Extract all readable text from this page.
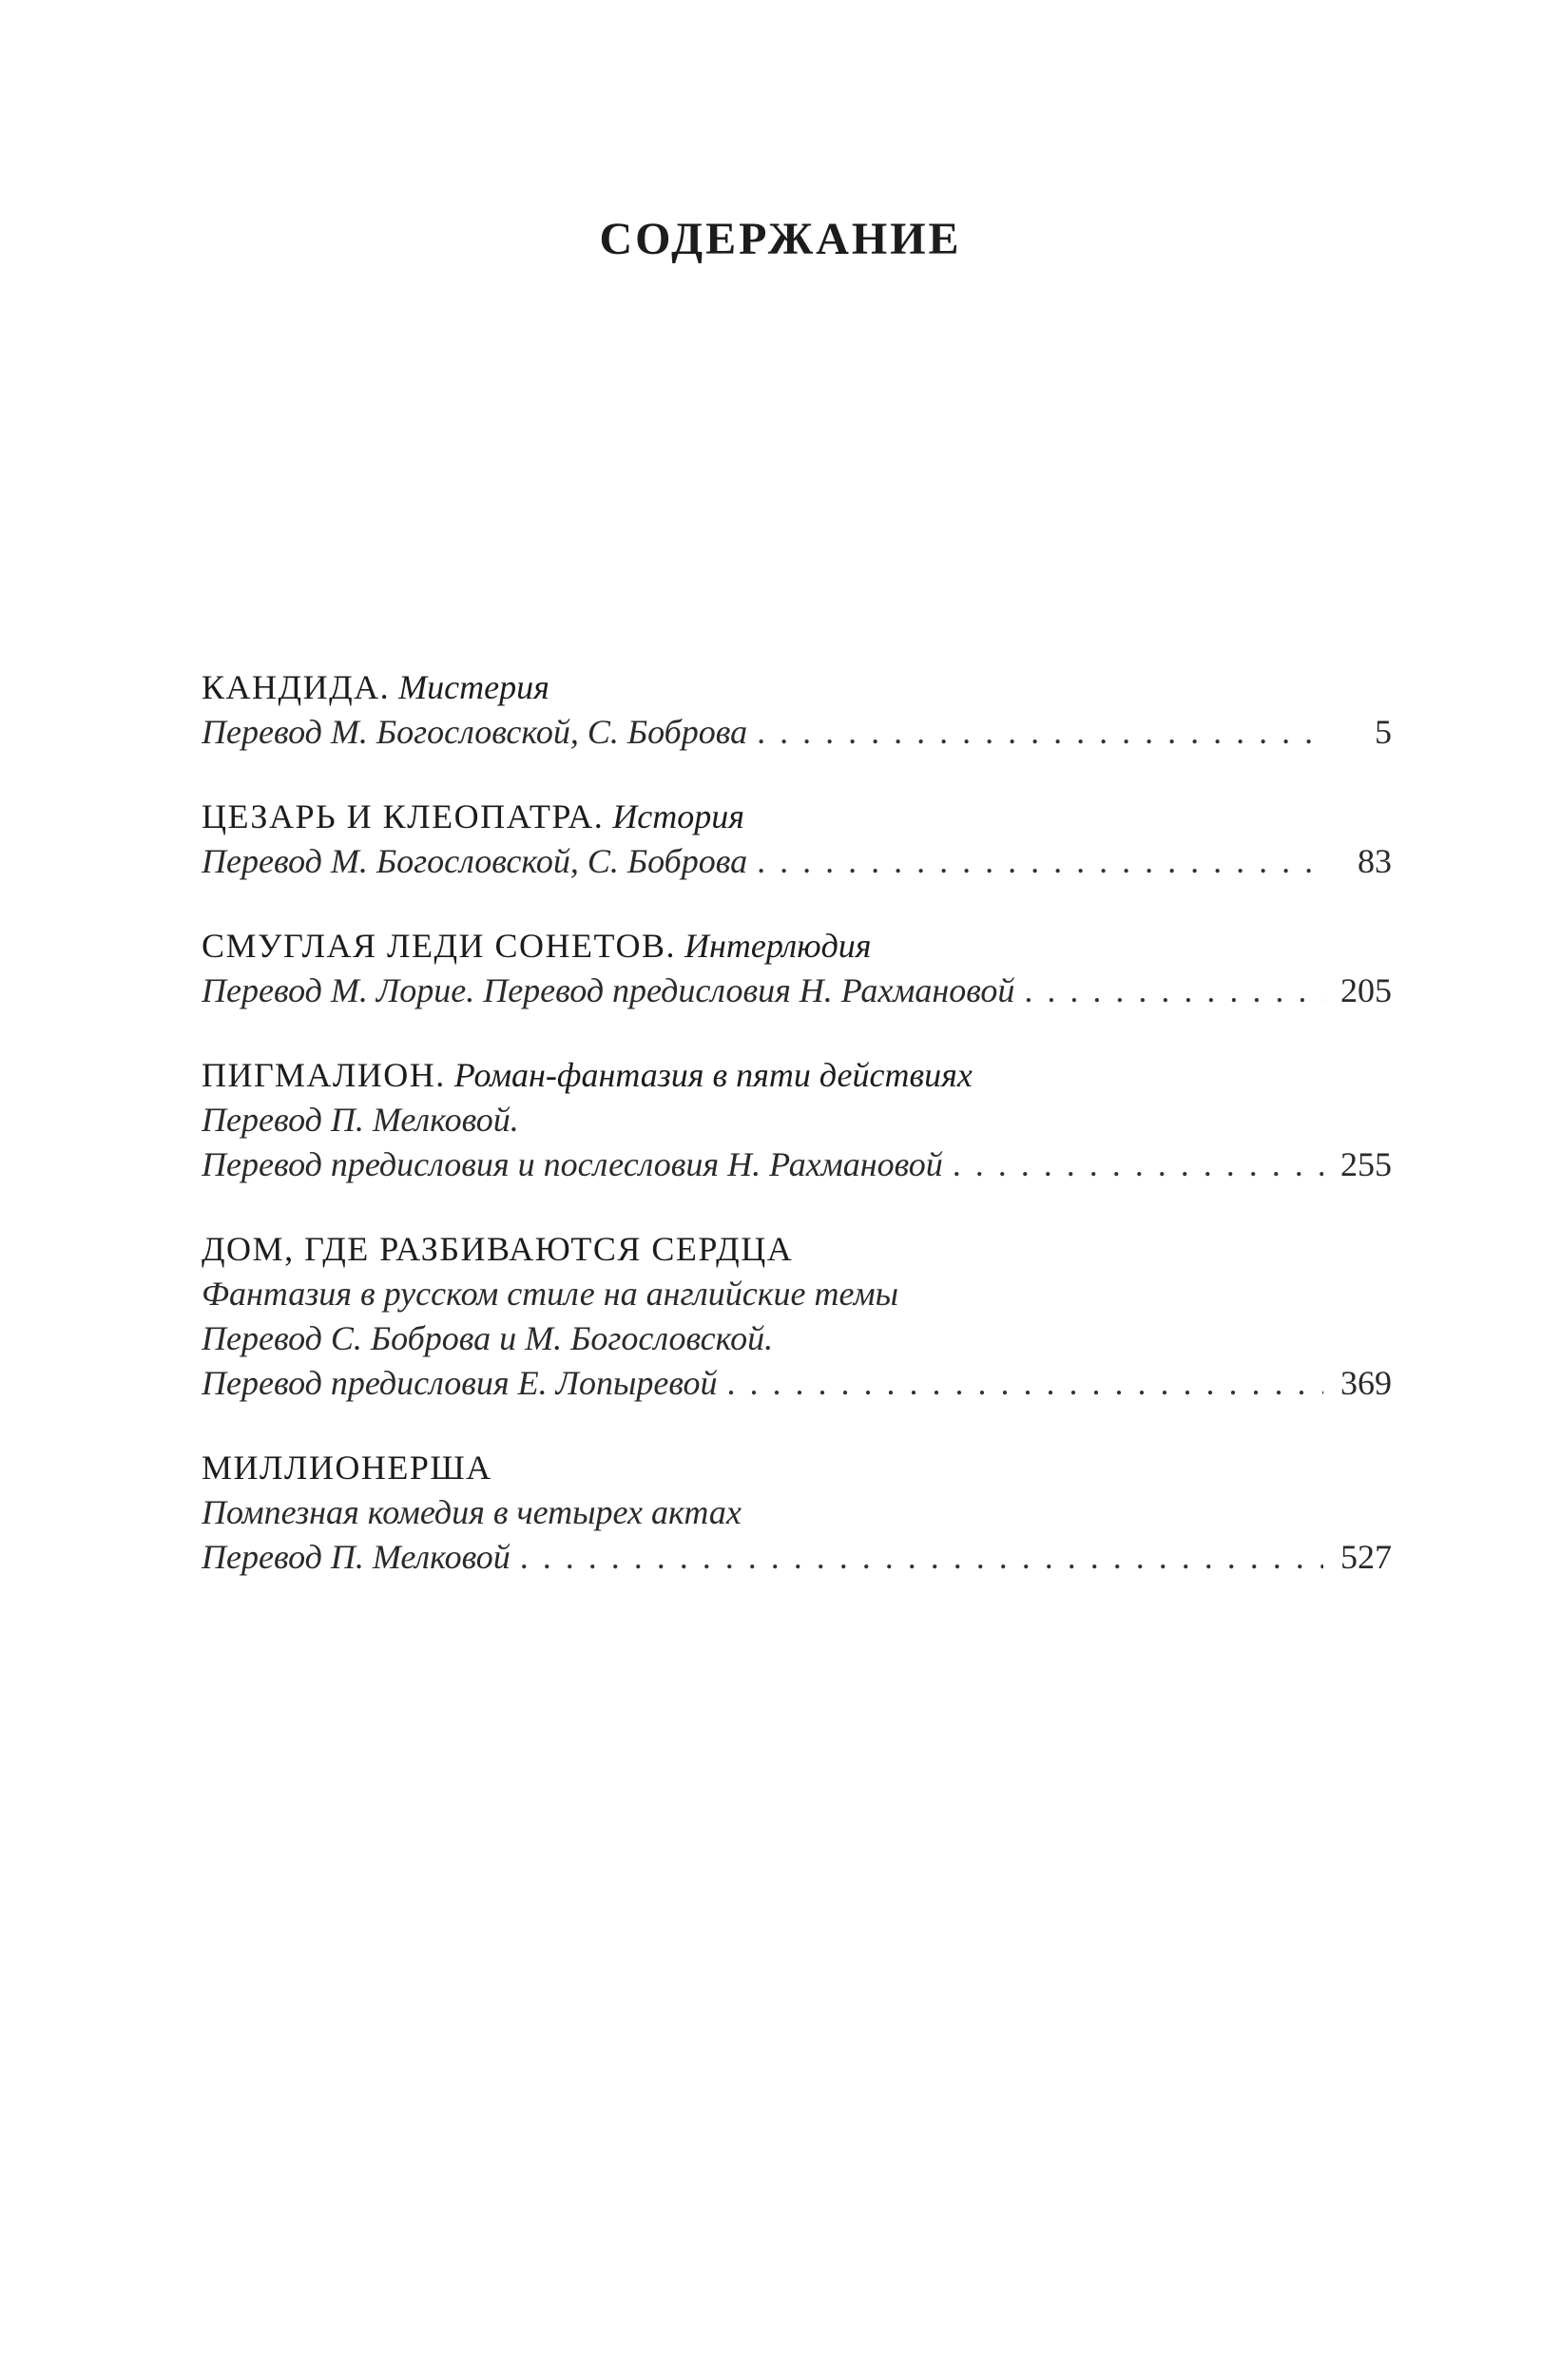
СОДЕРЖАНИЕ
КАНДИДА.
Мистерия
Перевод М. Богословской, С. Боброва . . .	5
ЦЕЗАРЬ И КЛЕОПАТРА.
История
Перевод М. Богословской, С. Боброва . . .	83
СМУГЛАЯ ЛЕДИ СОНЕТОВ.
Интерлюдия
Перевод М. Лорие. Перевод предисловия Н. Рахмановой . . .	205
ПИГМАЛИОН.
Роман-фантазия в пяти действиях
Перевод П. Мелковой.
Перевод предисловия и послесловия Н. Рахмановой . . .	255
ДОМ, ГДЕ РАЗБИВАЮТСЯ СЕРДЦА
Фантазия в русском стиле на английские темы
Перевод С. Боброва и М. Богословской.
Перевод предисловия Е. Лопыревой . . .	369
МИЛЛИОНЕРША
Помпезная комедия в четырех актах
Перевод П. Мелковой . . .	527
